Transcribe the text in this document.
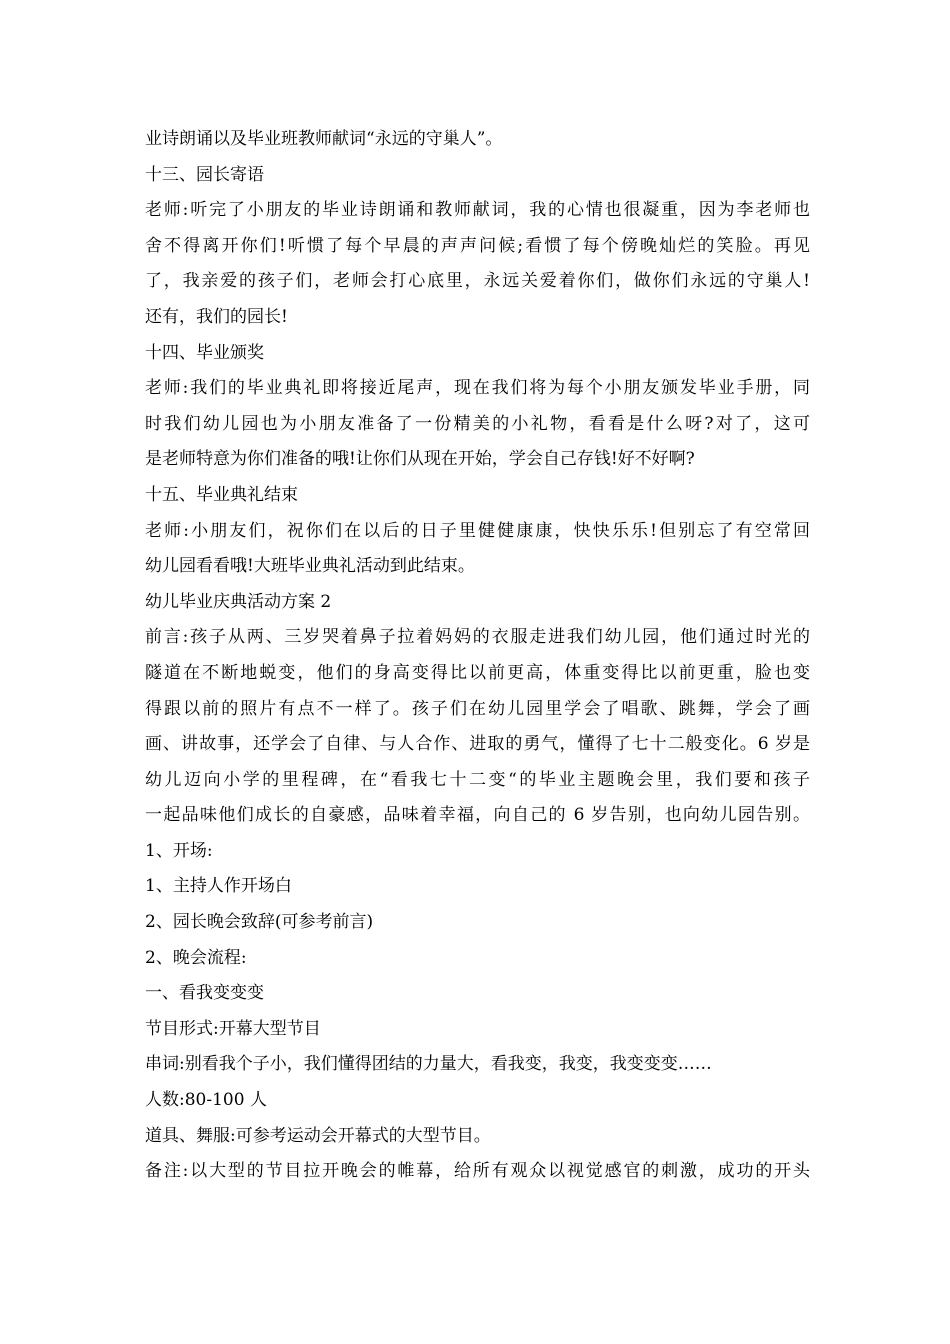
业诗朗诵以及毕业班教师献词“永远的守巢人”。
十三、园长寄语
老师:听完了小朋友的毕业诗朗诵和教师献词，我的心情也很凝重，因为李老师也
舍不得离开你们!听惯了每个早晨的声声问候;看惯了每个傍晚灿烂的笑脸。再见
了，我亲爱的孩子们，老师会打心底里，永远关爱着你们，做你们永远的守巢人!
还有，我们的园长!
十四、毕业颁奖
老师:我们的毕业典礼即将接近尾声，现在我们将为每个小朋友颁发毕业手册，同
时我们幼儿园也为小朋友准备了一份精美的小礼物，看看是什么呀?对了，这可
是老师特意为你们准备的哦!让你们从现在开始，学会自己存钱!好不好啊?
十五、毕业典礼结束
老师:小朋友们，祝你们在以后的日子里健健康康，快快乐乐!但别忘了有空常回
幼儿园看看哦!大班毕业典礼活动到此结束。
幼儿毕业庆典活动方案 2
前言:孩子从两、三岁哭着鼻子拉着妈妈的衣服走进我们幼儿园，他们通过时光的
隧道在不断地蜕变，他们的身高变得比以前更高，体重变得比以前更重，脸也变
得跟以前的照片有点不一样了。孩子们在幼儿园里学会了唱歌、跳舞，学会了画
画、讲故事，还学会了自律、与人合作、进取的勇气，懂得了七十二般变化。6 岁是
幼儿迈向小学的里程碑，在“看我七十二变“的毕业主题晚会里，我们要和孩子
一起品味他们成长的自豪感，品味着幸福，向自己的 6 岁告别，也向幼儿园告别。
1、开场:
1、主持人作开场白
2、园长晚会致辞(可参考前言)
2、晚会流程:
一、看我变变变
节目形式:开幕大型节目
串词:别看我个子小，我们懂得团结的力量大，看我变，我变，我变变变……
人数:80-100 人
道具、舞服:可参考运动会开幕式的大型节目。
备注:以大型的节目拉开晚会的帷幕，给所有观众以视觉感官的刺激，成功的开头
